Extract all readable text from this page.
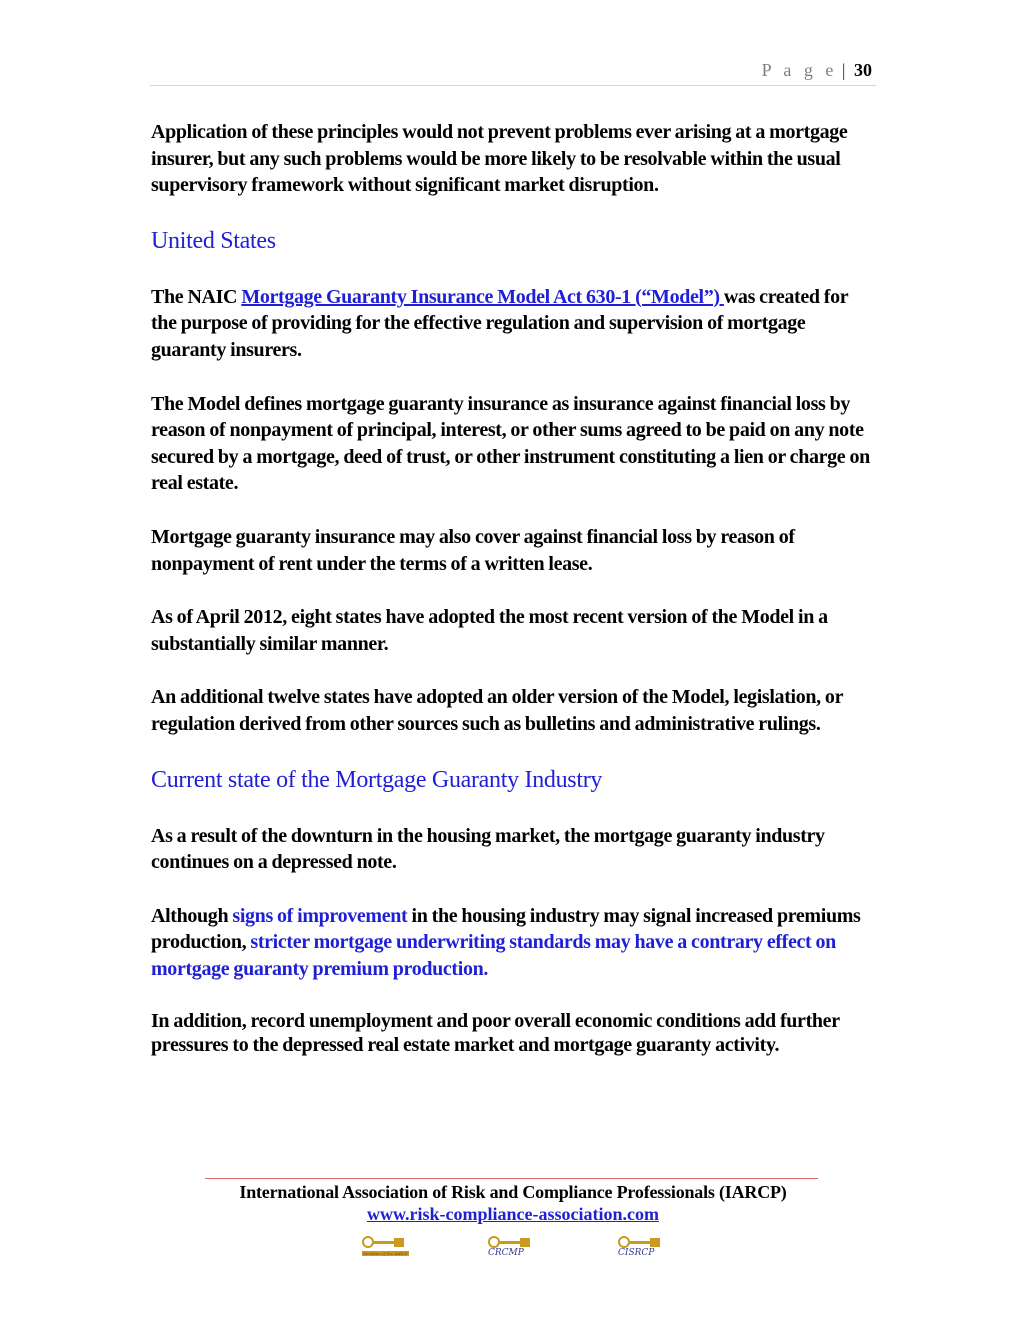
P a g e | 30

Application of these principles would not prevent problems ever arising at a mortgage insurer, but any such problems would be more likely to be resolvable within the usual supervisory framework without significant market disruption.

United States

The NAIC Mortgage Guaranty Insurance Model Act 630-1 (“Model”) was created for the purpose of providing for the effective regulation and supervision of mortgage guaranty insurers.

The Model defines mortgage guaranty insurance as insurance against financial loss by reason of nonpayment of principal, interest, or other sums agreed to be paid on any note secured by a mortgage, deed of trust, or other instrument constituting a lien or charge on real estate.

Mortgage guaranty insurance may also cover against financial loss by reason of nonpayment of rent under the terms of a written lease.

As of April 2012, eight states have adopted the most recent version of the Model in a substantially similar manner.

An additional twelve states have adopted an older version of the Model, legislation, or regulation derived from other sources such as bulletins and administrative rulings.

Current state of the Mortgage Guaranty Industry

As a result of the downturn in the housing market, the mortgage guaranty industry continues on a depressed note.

Although signs of improvement in the housing industry may signal increased premiums production, stricter mortgage underwriting standards may have a contrary effect on mortgage guaranty premium production.

In addition, record unemployment and poor overall economic conditions add further pressures to the depressed real estate market and mortgage guaranty activity.

International Association of Risk and Compliance Professionals (IARCP)
www.risk-compliance-association.com
Member of the IARCP	CRCMP	CISRCP
